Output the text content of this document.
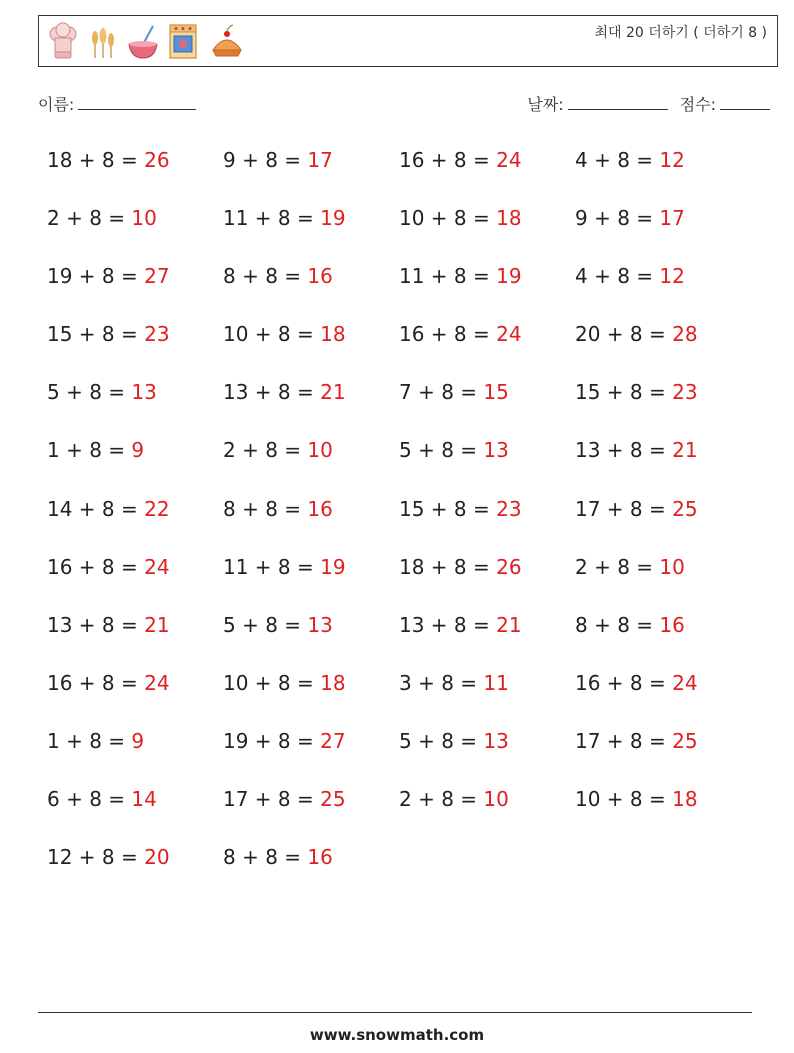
최대 20 더하기 ( 더하기 8 )
이름:	날짜:	점수:
18 + 8 = 26	9 + 8 = 17	16 + 8 = 24	4 + 8 = 12
2 + 8 = 10	11 + 8 = 19	10 + 8 = 18	9 + 8 = 17
19 + 8 = 27	8 + 8 = 16	11 + 8 = 19	4 + 8 = 12
15 + 8 = 23	10 + 8 = 18	16 + 8 = 24	20 + 8 = 28
5 + 8 = 13	13 + 8 = 21	7 + 8 = 15	15 + 8 = 23
1 + 8 = 9	2 + 8 = 10	5 + 8 = 13	13 + 8 = 21
14 + 8 = 22	8 + 8 = 16	15 + 8 = 23	17 + 8 = 25
16 + 8 = 24	11 + 8 = 19	18 + 8 = 26	2 + 8 = 10
13 + 8 = 21	5 + 8 = 13	13 + 8 = 21	8 + 8 = 16
16 + 8 = 24	10 + 8 = 18	3 + 8 = 11	16 + 8 = 24
1 + 8 = 9	19 + 8 = 27	5 + 8 = 13	17 + 8 = 25
6 + 8 = 14	17 + 8 = 25	2 + 8 = 10	10 + 8 = 18
12 + 8 = 20	8 + 8 = 16
www.snowmath.com
